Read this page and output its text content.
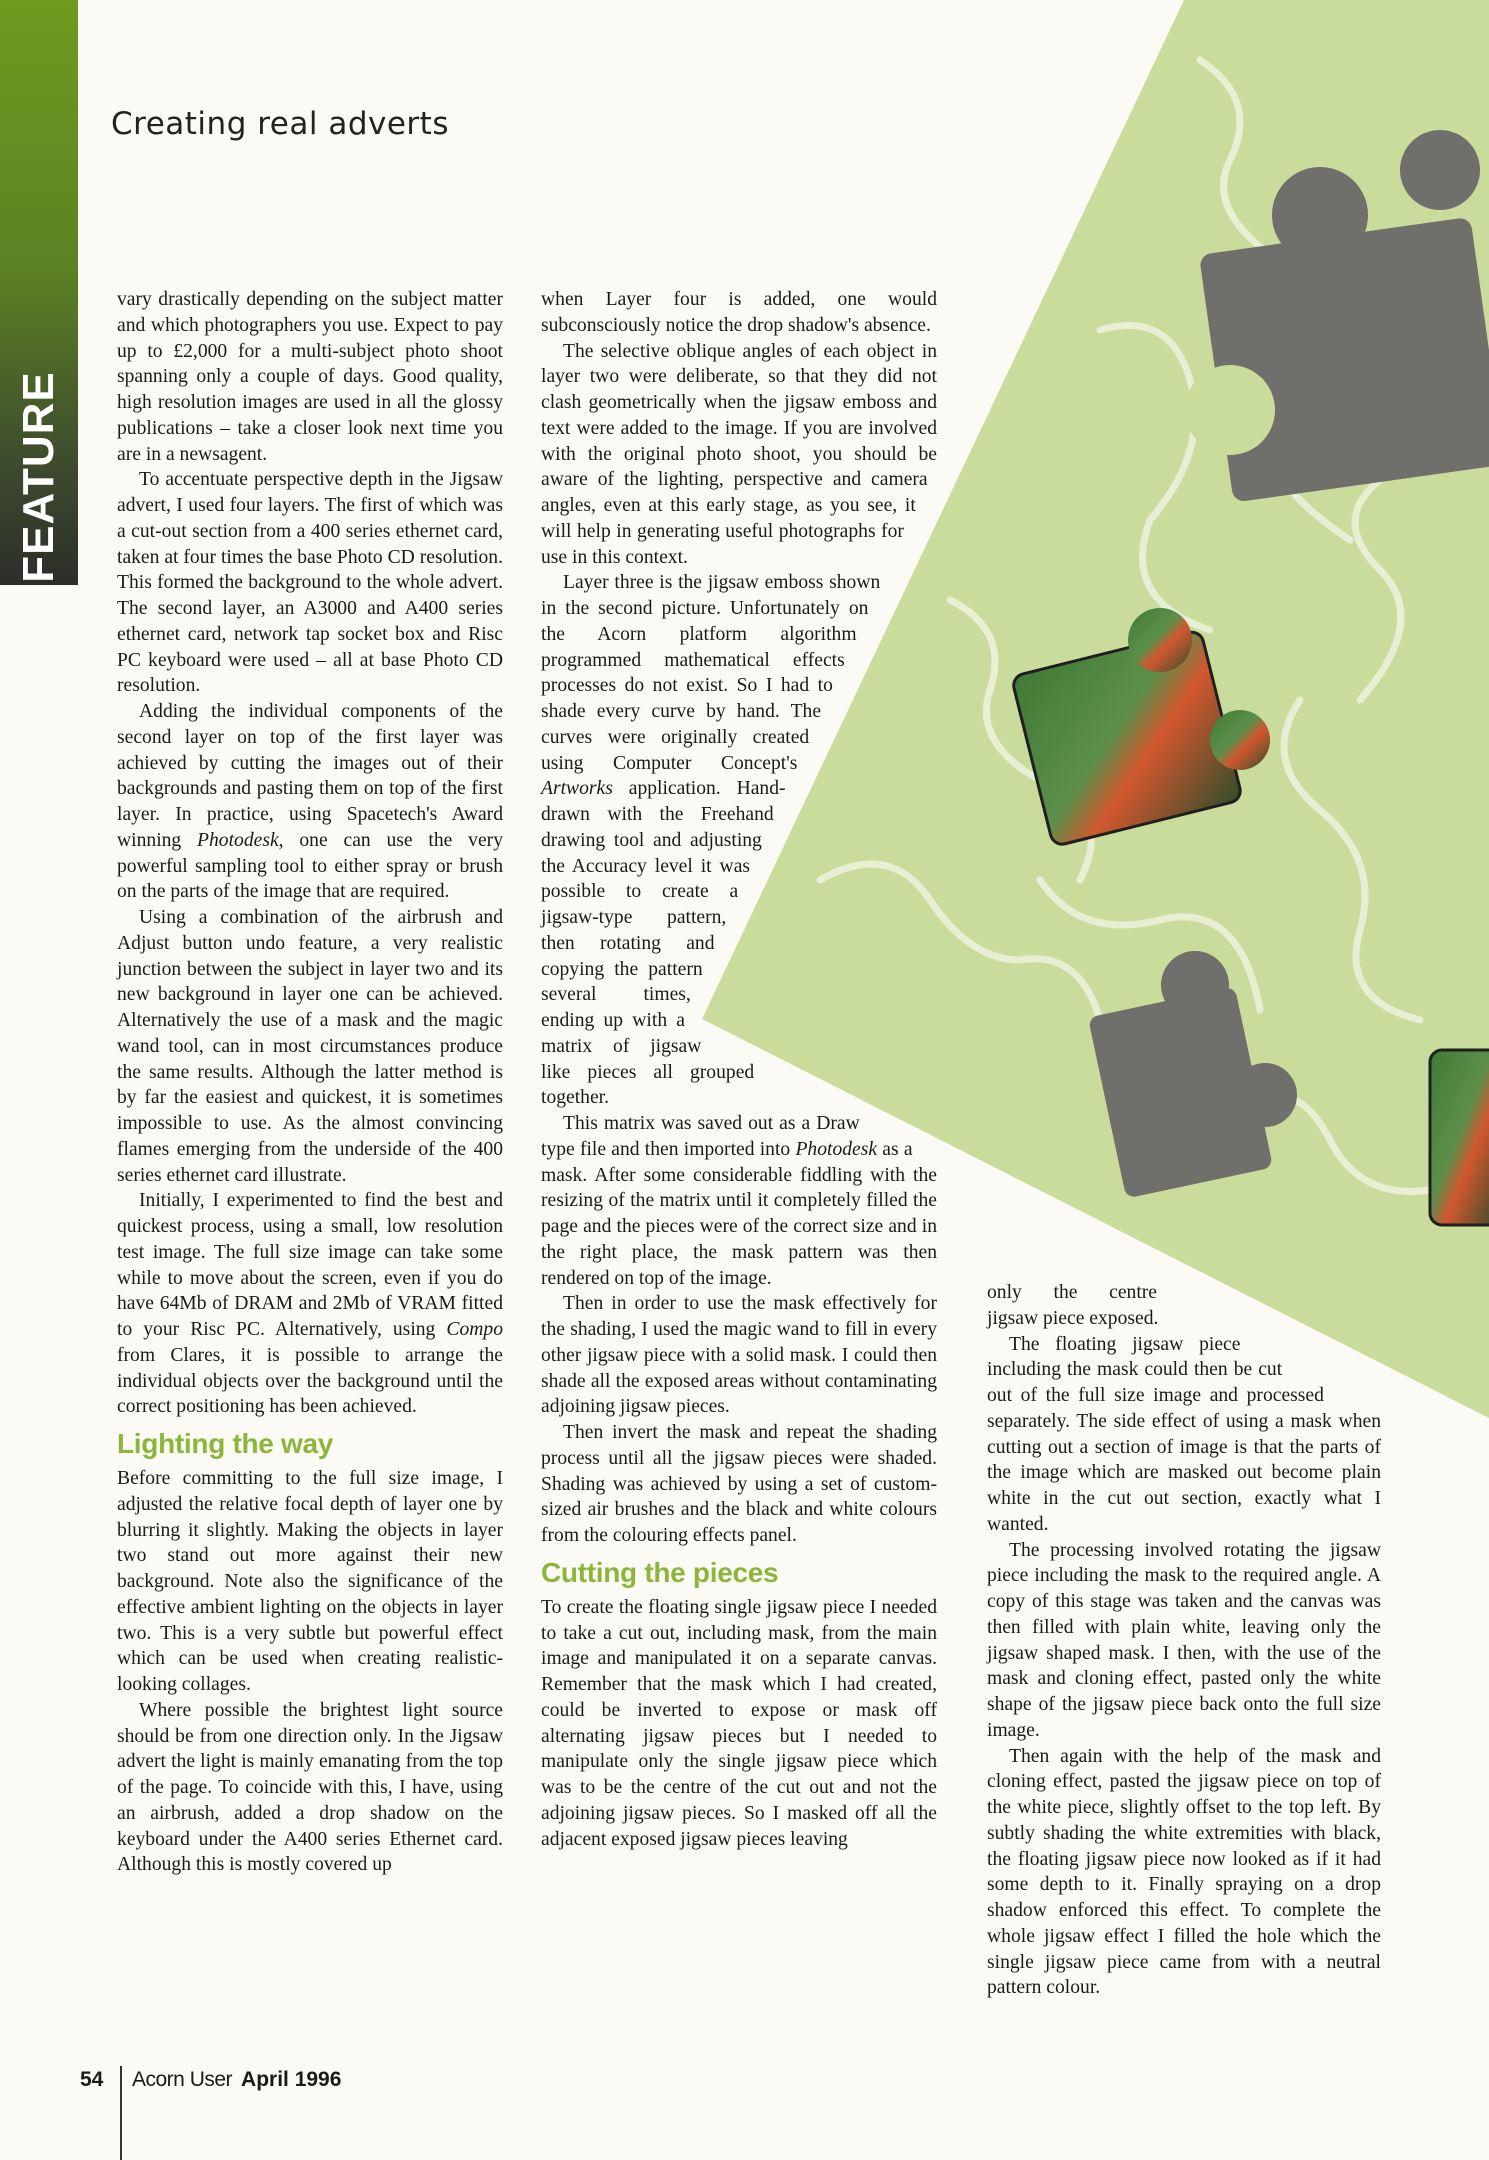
FEATURE
Creating real adverts

vary drastically depending on the subject matter and which photographers you use. Expect to pay up to £2,000 for a multi-subject photo shoot spanning only a couple of days. Good quality, high resolution images are used in all the glossy publications – take a closer look next time you are in a newsagent.

To accentuate perspective depth in the Jigsaw advert, I used four layers. The first of which was a cut-out section from a 400 series ethernet card, taken at four times the base Photo CD resolution. This formed the background to the whole advert. The second layer, an A3000 and A400 series ethernet card, network tap socket box and Risc PC keyboard were used – all at base Photo CD resolution.

Adding the individual components of the second layer on top of the first layer was achieved by cutting the images out of their backgrounds and pasting them on top of the first layer. In practice, using Spacetech's Award winning Photodesk, one can use the very powerful sampling tool to either spray or brush on the parts of the image that are required.

Using a combination of the airbrush and Adjust button undo feature, a very realistic junction between the subject in layer two and its new background in layer one can be achieved. Alternatively the use of a mask and the magic wand tool, can in most circumstances produce the same results. Although the latter method is by far the easiest and quickest, it is sometimes impossible to use. As the almost convincing flames emerging from the underside of the 400 series ethernet card illustrate.

Initially, I experimented to find the best and quickest process, using a small, low resolution test image. The full size image can take some while to move about the screen, even if you do have 64Mb of DRAM and 2Mb of VRAM fitted to your Risc PC. Alternatively, using Compo from Clares, it is possible to arrange the individual objects over the background until the correct positioning has been achieved.

Lighting the way

Before committing to the full size image, I adjusted the relative focal depth of layer one by blurring it slightly. Making the objects in layer two stand out more against their new background. Note also the significance of the effective ambient lighting on the objects in layer two. This is a very subtle but powerful effect which can be used when creating realistic-looking collages.

Where possible the brightest light source should be from one direction only. In the Jigsaw advert the light is mainly emanating from the top of the page. To coincide with this, I have, using an airbrush, added a drop shadow on the keyboard under the A400 series Ethernet card. Although this is mostly covered up

when Layer four is added, one would subconsciously notice the drop shadow's absence.

The selective oblique angles of each object in layer two were deliberate, so that they did not clash geometrically when the jigsaw emboss and text were added to the image. If you are involved with the original photo shoot, you should be aware of the lighting, perspective and camera angles, even at this early stage, as you see, it will help in generating useful photographs for use in this context.

Layer three is the jigsaw emboss shown in the second picture. Unfortunately on the Acorn platform algorithm programmed mathematical effects processes do not exist. So I had to shade every curve by hand. The curves were originally created using Computer Concept's Artworks application. Hand-drawn with the Freehand drawing tool and adjusting the Accuracy level it was possible to create a jigsaw-type pattern, then rotating and copying the pattern several times, ending up with a matrix of jigsaw like pieces all grouped together.

This matrix was saved out as a Draw type file and then imported into Photodesk as a mask. After some considerable fiddling with the resizing of the matrix until it completely filled the page and the pieces were of the correct size and in the right place, the mask pattern was then rendered on top of the image.

Then in order to use the mask effectively for the shading, I used the magic wand to fill in every other jigsaw piece with a solid mask. I could then shade all the exposed areas without contaminating adjoining jigsaw pieces.

Then invert the mask and repeat the shading process until all the jigsaw pieces were shaded. Shading was achieved by using a set of custom-sized air brushes and the black and white colours from the colouring effects panel.

Cutting the pieces

To create the floating single jigsaw piece I needed to take a cut out, including mask, from the main image and manipulated it on a separate canvas. Remember that the mask which I had created, could be inverted to expose or mask off alternating jigsaw pieces but I needed to manipulate only the single jigsaw piece which was to be the centre of the cut out and not the adjoining jigsaw pieces. So I masked off all the adjacent exposed jigsaw pieces leaving

only the centre jigsaw piece exposed.

The floating jigsaw piece including the mask could then be cut out of the full size image and processed separately. The side effect of using a mask when cutting out a section of image is that the parts of the image which are masked out become plain white in the cut out section, exactly what I wanted.

The processing involved rotating the jigsaw piece including the mask to the required angle. A copy of this stage was taken and the canvas was then filled with plain white, leaving only the jigsaw shaped mask. I then, with the use of the mask and cloning effect, pasted only the white shape of the jigsaw piece back onto the full size image.

Then again with the help of the mask and cloning effect, pasted the jigsaw piece on top of the white piece, slightly offset to the top left. By subtly shading the white extremities with black, the floating jigsaw piece now looked as if it had some depth to it. Finally spraying on a drop shadow enforced this effect. To complete the whole jigsaw effect I filled the hole which the single jigsaw piece came from with a neutral pattern colour.

54	Acorn User April 1996
